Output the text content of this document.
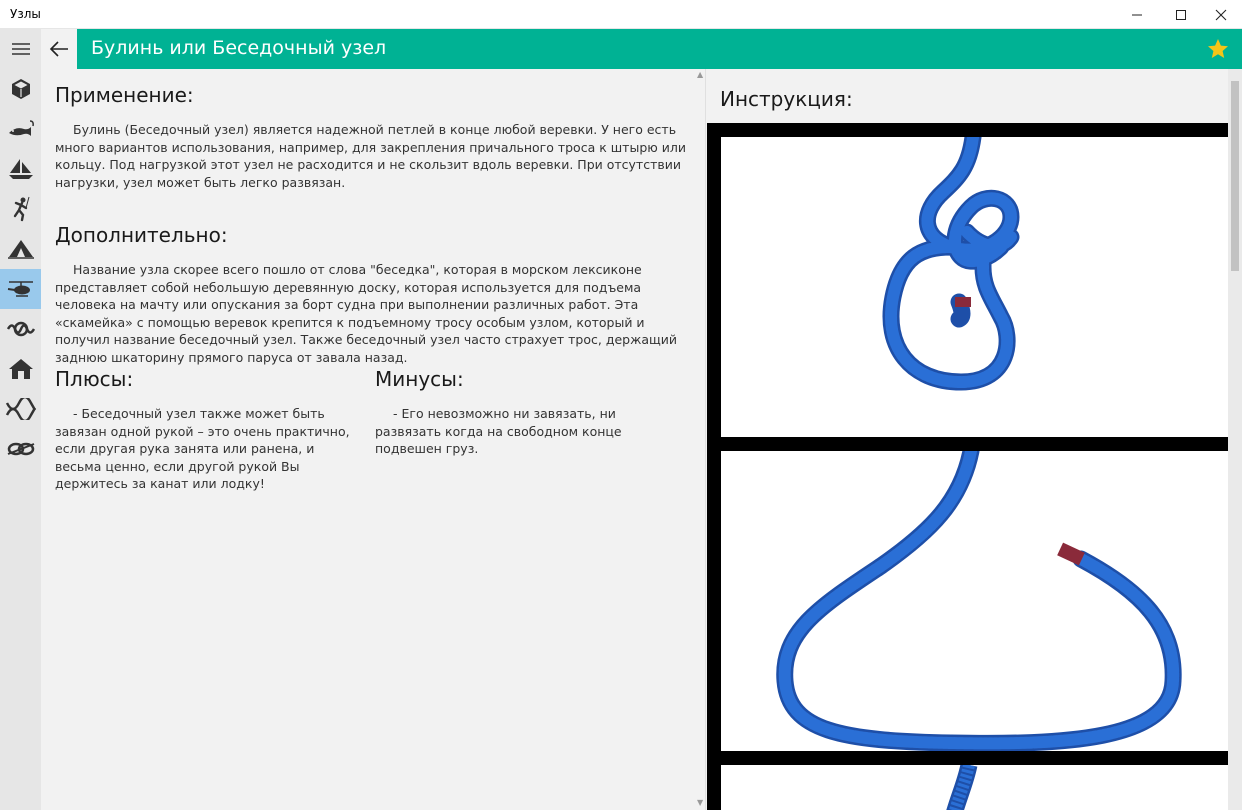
Узлы
Булинь или Беседочный узел
Применение:

Булинь (Беседочный узел) является надежной петлей в конце любой веревки. У него есть много вариантов использования, например, для закрепления причального троса к штырю или кольцу. Под нагрузкой этот узел не расходится и не скользит вдоль веревки. При отсутствии нагрузки, узел может быть легко развязан.

Дополнительно:

Название узла скорее всего пошло от слова "беседка", которая в морском лексиконе представляет собой небольшую деревянную доску, которая используется для подъема человека на мачту или опускания за борт судна при выполнении различных работ. Эта «скамейка» с помощью веревок крепится к подъемному тросу особым узлом, который и получил название беседочный узел. Также беседочный узел часто страхует трос, держащий заднюю шкаторину прямого паруса от завала назад.

Плюсы:

- Беседочный узел также может быть завязан одной рукой – это очень практично, если другая рука занята или ранена, и весьма ценно, если другой рукой Вы держитесь за канат или лодку!

Минусы:

- Его невозможно ни завязать, ни развязать когда на свободном конце подвешен груз.

▲
▼
Инструкция:
